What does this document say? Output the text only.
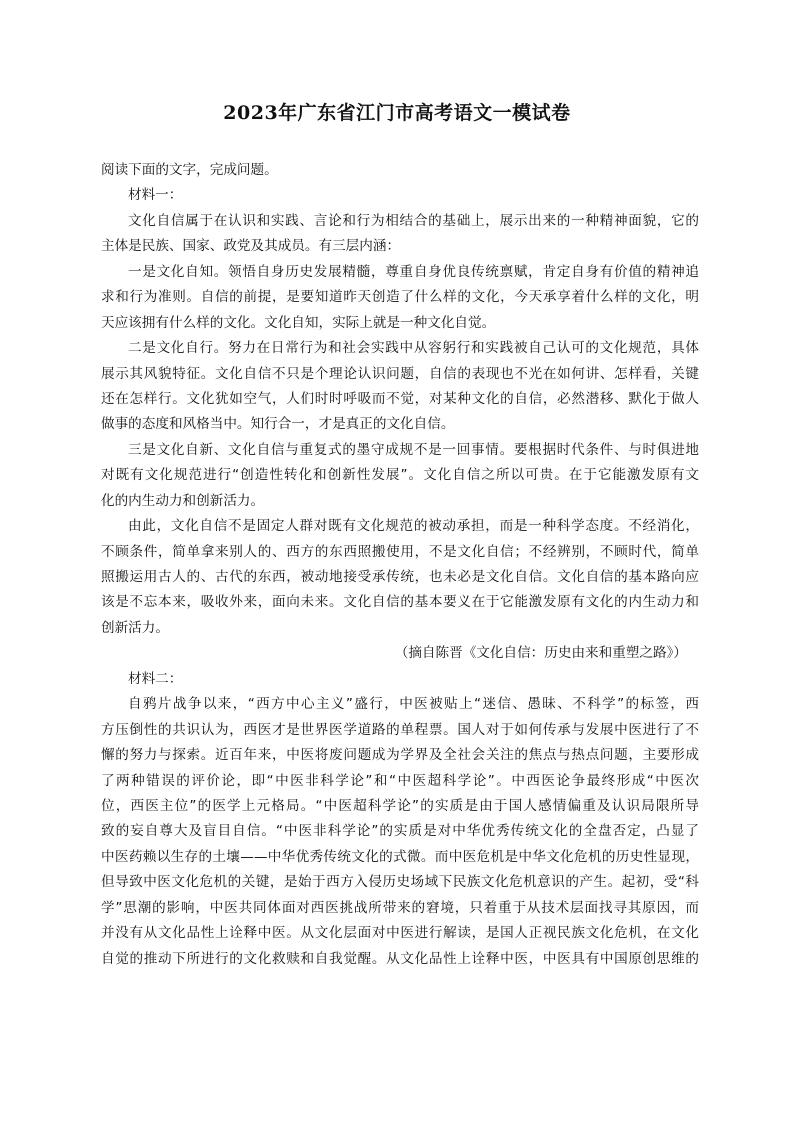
2023年广东省江门市高考语文一模试卷
阅读下面的文字，完成问题。
材料一：
文化自信属于在认识和实践、言论和行为相结合的基础上，展示出来的一种精神面貌，它的
主体是民族、国家、政党及其成员。有三层内涵：
一是文化自知。领悟自身历史发展精髓，尊重自身优良传统禀赋，肯定自身有价值的精神追
求和行为准则。自信的前提，是要知道昨天创造了什么样的文化，今天承享着什么样的文化，明
天应该拥有什么样的文化。文化自知，实际上就是一种文化自觉。
二是文化自行。努力在日常行为和社会实践中从容躬行和实践被自己认可的文化规范，具体
展示其风貌特征。文化自信不只是个理论认识问题，自信的表现也不光在如何讲、怎样看，关键
还在怎样行。文化犹如空气，人们时时呼吸而不觉，对某种文化的自信，必然潜移、默化于做人
做事的态度和风格当中。知行合一，才是真正的文化自信。
三是文化自新、文化自信与重复式的墨守成规不是一回事情。要根据时代条件、与时俱进地
对既有文化规范进行“创造性转化和创新性发展”。文化自信之所以可贵。在于它能激发原有文
化的内生动力和创新活力。
由此，文化自信不是固定人群对既有文化规范的被动承担，而是一种科学态度。不经消化，
不顾条件，简单拿来别人的、西方的东西照搬使用，不是文化自信；不经辨别，不顾时代，简单
照搬运用古人的、古代的东西，被动地接受承传统，也未必是文化自信。文化自信的基本路向应
该是不忘本来，吸收外来，面向未来。文化自信的基本要义在于它能激发原有文化的内生动力和
创新活力。
（摘自陈晋《文化自信：历史由来和重塑之路》）
材料二：
自鸦片战争以来，“西方中心主义”盛行，中医被贴上“迷信、愚昧、不科学”的标签，西
方压倒性的共识认为，西医才是世界医学道路的单程票。国人对于如何传承与发展中医进行了不
懈的努力与探索。近百年来，中医将废问题成为学界及全社会关注的焦点与热点问题，主要形成
了两种错误的评价论，即“中医非科学论”和“中医超科学论”。中西医论争最终形成“中医次
位，西医主位”的医学上元格局。“中医超科学论”的实质是由于国人感情偏重及认识局限所导
致的妄自尊大及盲目自信。“中医非科学论”的实质是对中华优秀传统文化的全盘否定，凸显了
中医药赖以生存的土壤——中华优秀传统文化的式微。而中医危机是中华文化危机的历史性显现，
但导致中医文化危机的关键，是始于西方入侵历史场域下民族文化危机意识的产生。起初，受“科
学”思潮的影响，中医共同体面对西医挑战所带来的窘境，只着重于从技术层面找寻其原因，而
并没有从文化品性上诠释中医。从文化层面对中医进行解读，是国人正视民族文化危机，在文化
自觉的推动下所进行的文化救赎和自我觉醒。从文化品性上诠释中医，中医具有中国原创思维的
